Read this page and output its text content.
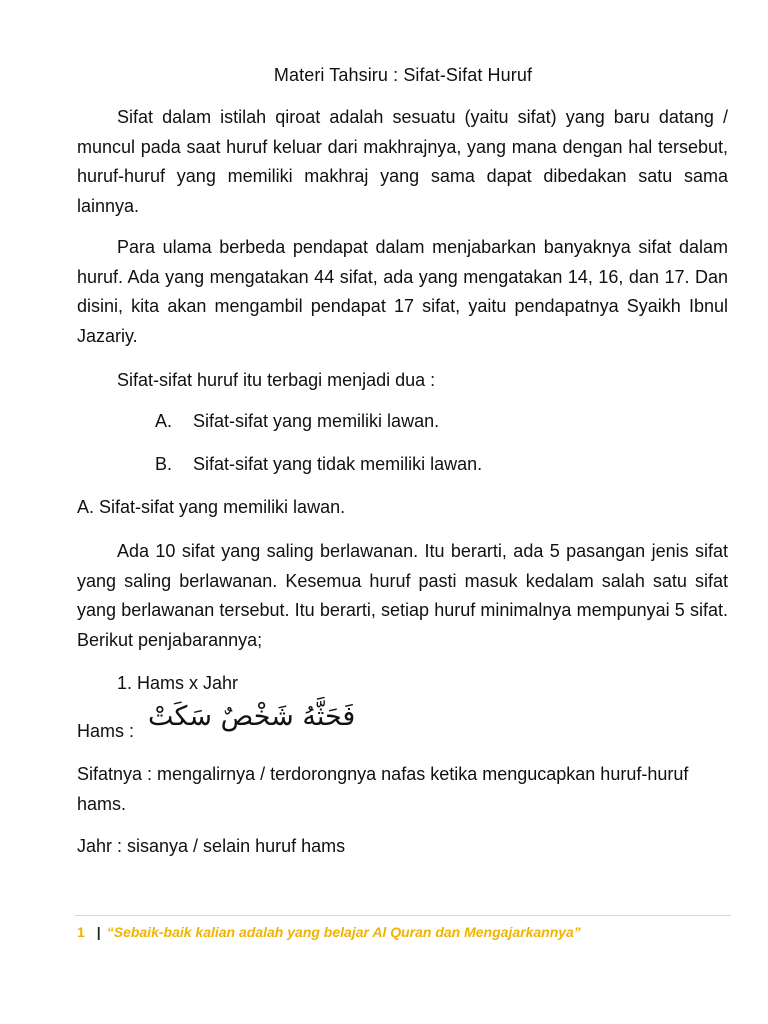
Materi Tahsiru : Sifat-Sifat Huruf

Sifat dalam istilah qiroat adalah sesuatu (yaitu sifat) yang baru datang / muncul pada saat huruf keluar dari makhrajnya, yang mana dengan hal tersebut, huruf-huruf yang memiliki makhraj yang sama dapat dibedakan satu sama lainnya.

Para ulama berbeda pendapat dalam menjabarkan banyaknya sifat dalam huruf. Ada yang mengatakan 44 sifat, ada yang mengatakan 14, 16, dan 17. Dan disini, kita akan mengambil pendapat 17 sifat, yaitu pendapatnya Syaikh Ibnul Jazariy.

Sifat-sifat huruf itu terbagi menjadi dua :

A. Sifat-sifat yang memiliki lawan.
B. Sifat-sifat yang tidak memiliki lawan.
A. Sifat-sifat yang memiliki lawan.

Ada 10 sifat yang saling berlawanan. Itu berarti, ada 5 pasangan jenis sifat yang saling berlawanan. Kesemua huruf pasti masuk kedalam salah satu sifat yang berlawanan tersebut. Itu berarti, setiap huruf minimalnya mempunyai 5 sifat. Berikut penjabarannya;

1. Hams x Jahr
Hams : فَحَثَّهُ شَخْصٌ سَكَتْ

Sifatnya : mengalirnya / terdorongnya nafas ketika mengucapkan huruf-huruf hams.

Jahr : sisanya / selain huruf hams
1 | “Sebaik-baik kalian adalah yang belajar Al Quran dan Mengajarkannya”
